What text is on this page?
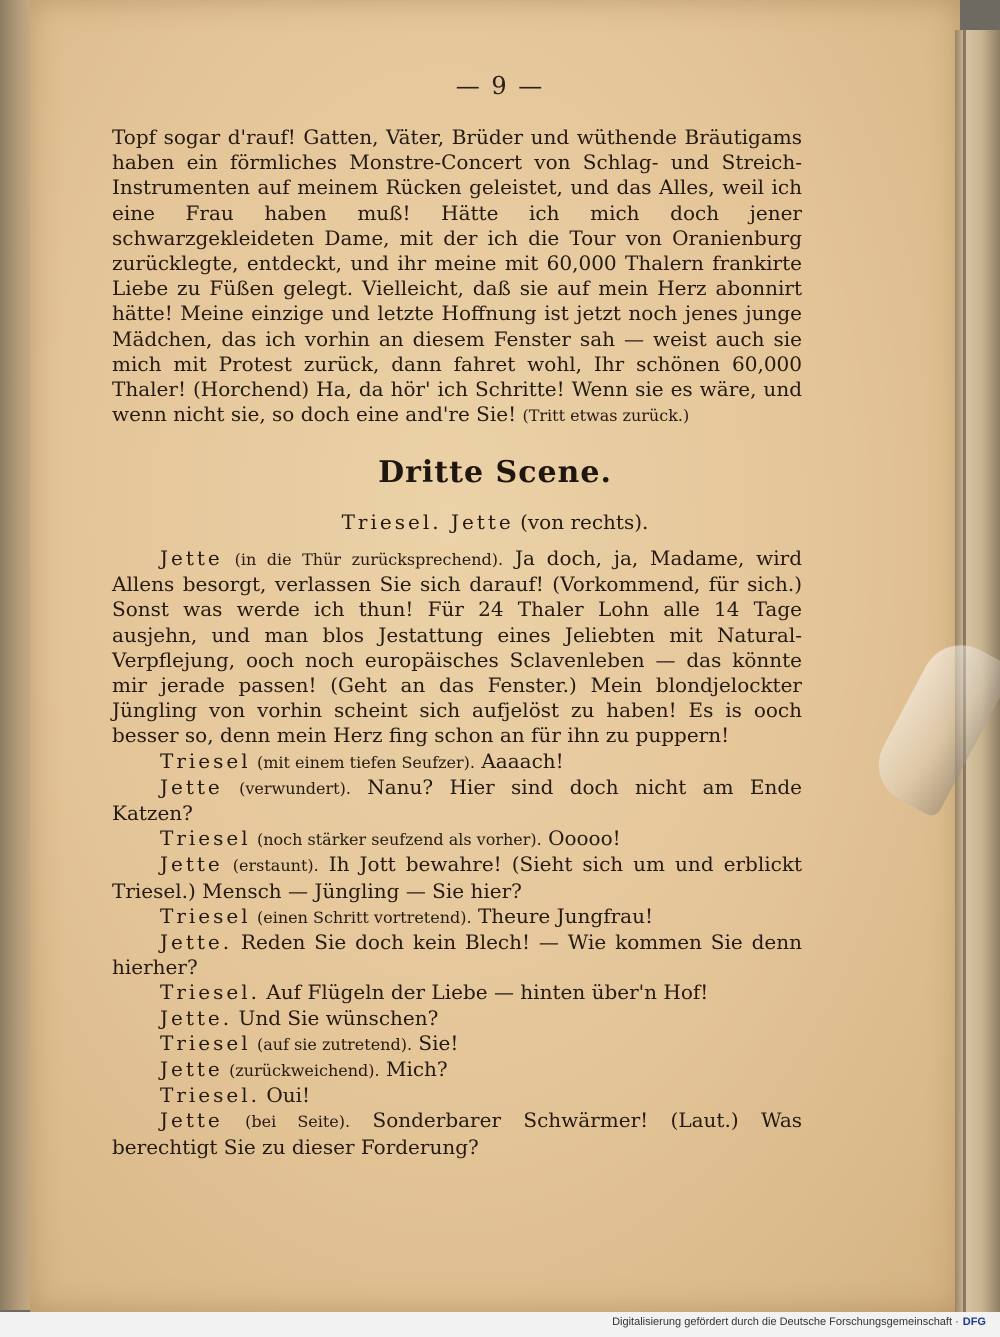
— 9 —

Topf sogar d'rauf! Gatten, Väter, Brüder und wüthende Bräutigams haben ein förmliches Monstre-Concert von Schlag- und Streich-Instrumenten auf meinem Rücken geleistet, und das Alles, weil ich eine Frau haben muß! Hätte ich mich doch jener schwarzgekleideten Dame, mit der ich die Tour von Oranienburg zurücklegte, entdeckt, und ihr meine mit 60,000 Thalern frankirte Liebe zu Füßen gelegt. Vielleicht, daß sie auf mein Herz abonnirt hätte! Meine einzige und letzte Hoffnung ist jetzt noch jenes junge Mädchen, das ich vorhin an diesem Fenster sah — weist auch sie mich mit Protest zurück, dann fahret wohl, Ihr schönen 60,000 Thaler! (Horchend) Ha, da hör' ich Schritte! Wenn sie es wäre, und wenn nicht sie, so doch eine and're Sie! (Tritt etwas zurück.)

Dritte Scene.
Triesel. Jette (von rechts).

Jette (in die Thür zurücksprechend). Ja doch, ja, Madame, wird Allens besorgt, verlassen Sie sich darauf! (Vorkommend, für sich.) Sonst was werde ich thun! Für 24 Thaler Lohn alle 14 Tage ausjehn, und man blos Jestattung eines Jeliebten mit Natural-Verpflejung, ooch noch europäisches Sclavenleben — das könnte mir jerade passen! (Geht an das Fenster.) Mein blondjelockter Jüngling von vorhin scheint sich aufjelöst zu haben! Es is ooch besser so, denn mein Herz fing schon an für ihn zu puppern!

Triesel (mit einem tiefen Seufzer). Aaaach!

Jette (verwundert). Nanu? Hier sind doch nicht am Ende Katzen?

Triesel (noch stärker seufzend als vorher). Ooooo!

Jette (erstaunt). Ih Jott bewahre! (Sieht sich um und erblickt Triesel.) Mensch — Jüngling — Sie hier?

Triesel (einen Schritt vortretend). Theure Jungfrau!

Jette. Reden Sie doch kein Blech! — Wie kommen Sie denn hierher?

Triesel. Auf Flügeln der Liebe — hinten über'n Hof!

Jette. Und Sie wünschen?

Triesel (auf sie zutretend). Sie!

Jette (zurückweichend). Mich?

Triesel. Oui!

Jette (bei Seite). Sonderbarer Schwärmer! (Laut.) Was berechtigt Sie zu dieser Forderung?

Digitalisierung gefördert durch die Deutsche Forschungsgemeinschaft · DFG
